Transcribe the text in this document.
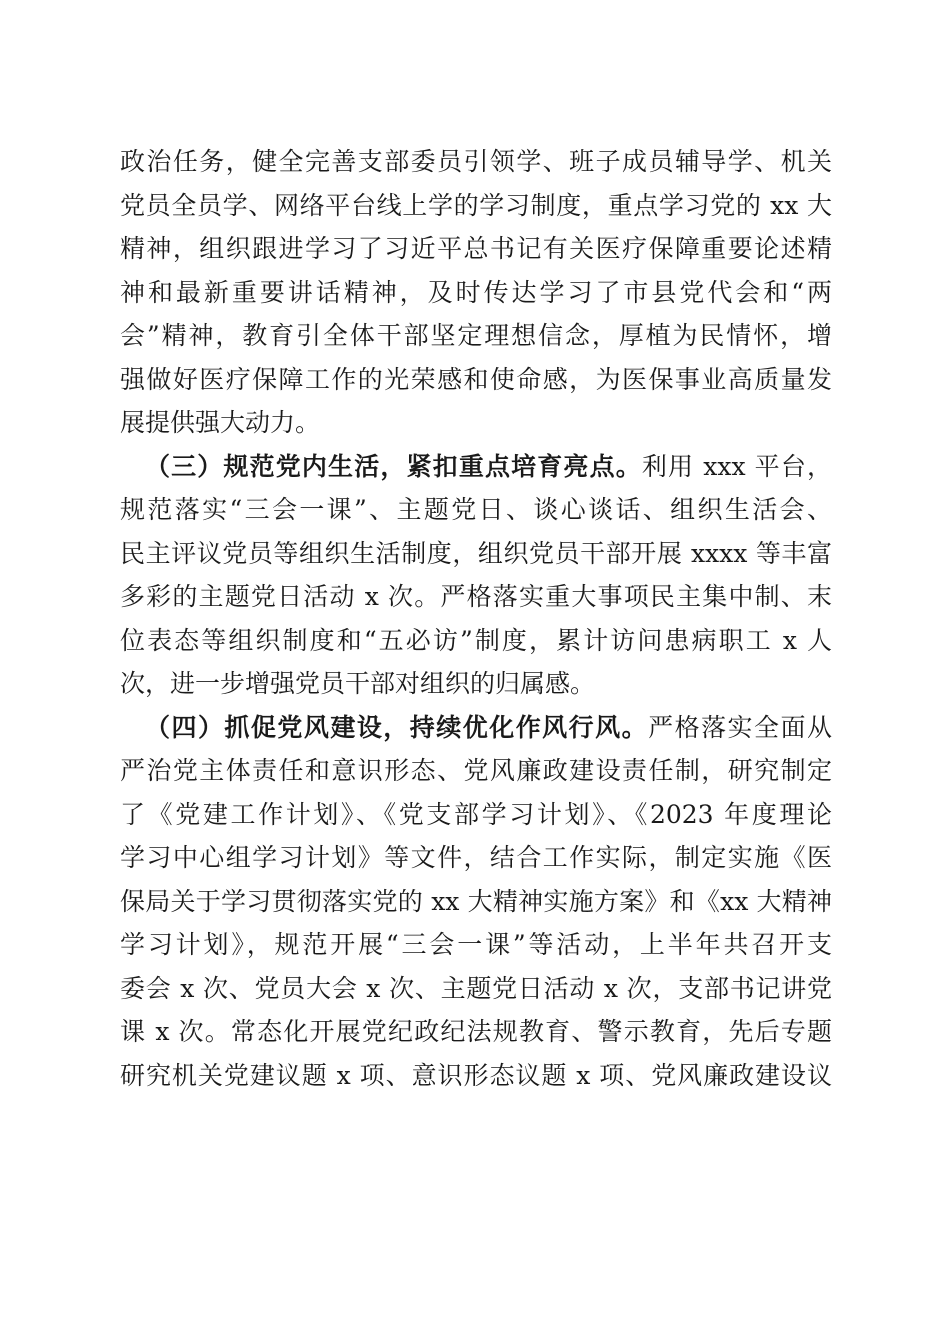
政治任务，健全完善支部委员引领学、班子成员辅导学、机关
党员全员学、网络平台线上学的学习制度，重点学习党的 xx 大
精神，组织跟进学习了习近平总书记有关医疗保障重要论述精
神和最新重要讲话精神，及时传达学习了市县党代会和“两
会”精神，教育引全体干部坚定理想信念，厚植为民情怀，增
强做好医疗保障工作的光荣感和使命感，为医保事业高质量发
展提供强大动力。
（三）规范党内生活，紧扣重点培育亮点。利用 xxx 平台，
规范落实“三会一课”、主题党日、谈心谈话、组织生活会、
民主评议党员等组织生活制度，组织党员干部开展 xxxx 等丰富
多彩的主题党日活动 x 次。严格落实重大事项民主集中制、末
位表态等组织制度和“五必访”制度，累计访问患病职工 x 人
次，进一步增强党员干部对组织的归属感。
（四）抓促党风建设，持续优化作风行风。严格落实全面从
严治党主体责任和意识形态、党风廉政建设责任制，研究制定
了《党建工作计划》、《党支部学习计划》、《2023 年度理论
学习中心组学习计划》等文件，结合工作实际，制定实施《医
保局关于学习贯彻落实党的 xx 大精神实施方案》和《xx 大精神
学习计划》，规范开展“三会一课”等活动，上半年共召开支
委会 x 次、党员大会 x 次、主题党日活动 x 次，支部书记讲党
课 x 次。常态化开展党纪政纪法规教育、警示教育，先后专题
研究机关党建议题 x 项、意识形态议题 x 项、党风廉政建设议
